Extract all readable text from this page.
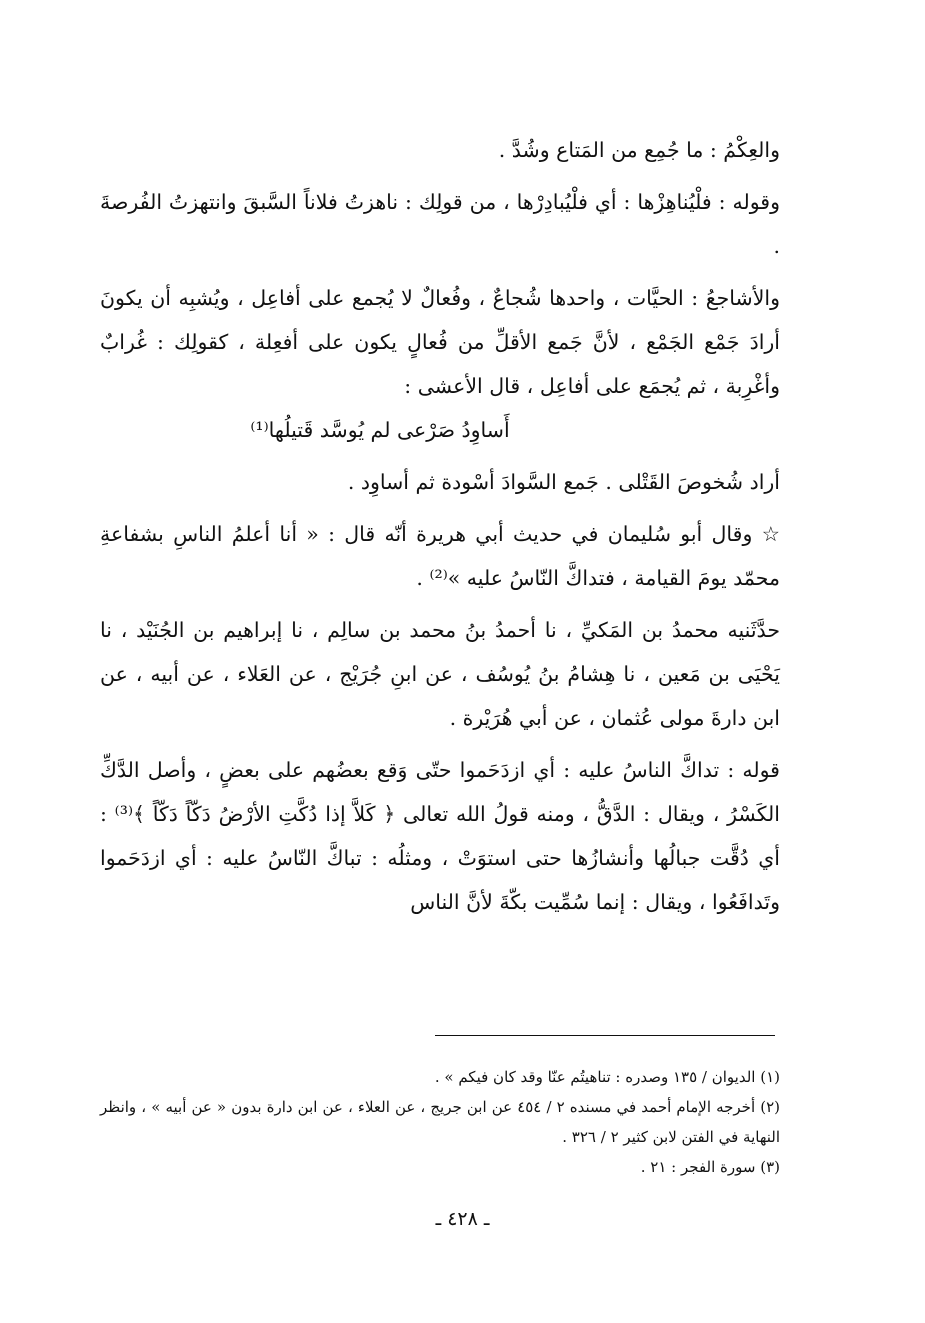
والعِكْمُ : ما جُمِع من المَتاع وشُدَّ .

وقوله : فلْيُناهِزْها : أي فلْيُبادِرْها ، من قولِك : ناهزتُ فلاناً السَّبقَ وانتهزتُ الفُرصةَ .

والأشاجعُ : الحيَّات ، واحدها شُجاعٌ ، وفُعالٌ لا يُجمع على أفاعِل ، ويُشبِه أن يكونَ أرادَ جَمْع الجَمْع ، لأنَّ جَمع الأقلِّ من فُعالٍ يكون على أفعِلة ، كقولِك : غُرابٌ وأغْرِبة ، ثم يُجمَع على أفاعِل ، قال الأعشى :

أَساوِدُ صَرْعى لم يُوسَّد قَتيلُها⁽¹⁾

أراد شُخوصَ القَتْلى . جَمع السَّوادَ أسْودة ثم أساوِد .

☆ وقال أبو سُليمان في حديث أبي هريرة أنّه قال : « أنا أعلمُ الناسِ بشفاعةِ محمّد يومَ القيامة ، فتداكَّ النّاسُ عليه »⁽²⁾ .

حدَّثَنيه محمدُ بن المَكيِّ ، نا أحمدُ بنُ محمد بن سالِم ، نا إبراهيم بن الجُنَيْد ، نا يَحْيَى بن مَعين ، نا هِشامُ بنُ يُوسُف ، عن ابنِ جُرَيْج ، عن العَلاء ، عن أبيه ، عن ابن دارةَ مولى عُثمان ، عن أبي هُرَيْرة .

قوله : تداكَّ الناسُ عليه : أي ازدَحَموا حتّى وَقع بعضُهم على بعضٍ ، وأصل الدَّكِّ الكَسْرُ ، ويقال : الدَّقُّ ، ومنه قولُ الله تعالى ﴿ كَلاَّ إذا دُكَّتِ الأرْضُ دَكّاً دَكّاً ﴾⁽³⁾ : أي دُقَّت جبالُها وأنشازُها حتى استوَتْ ، ومثلُه : تباكَّ النّاسُ عليه : أي ازدَحَموا وتَدافَعُوا ، ويقال : إنما سُمِّيت بكّةَ لأنَّ الناس

(١) الديوان / ١٣٥ وصدره : تناهيتُم عنّا وقد كان فيكم » .

(٢) أخرجه الإمام أحمد في مسنده ٢ / ٤٥٤ عن ابن جريج ، عن العلاء ، عن ابن دارة بدون « عن أبيه » ، وانظر النهاية في الفتن لابن كثير ٢ / ٣٢٦ .

(٣) سورة الفجر : ٢١ .

ـ ٤٢٨ ـ
